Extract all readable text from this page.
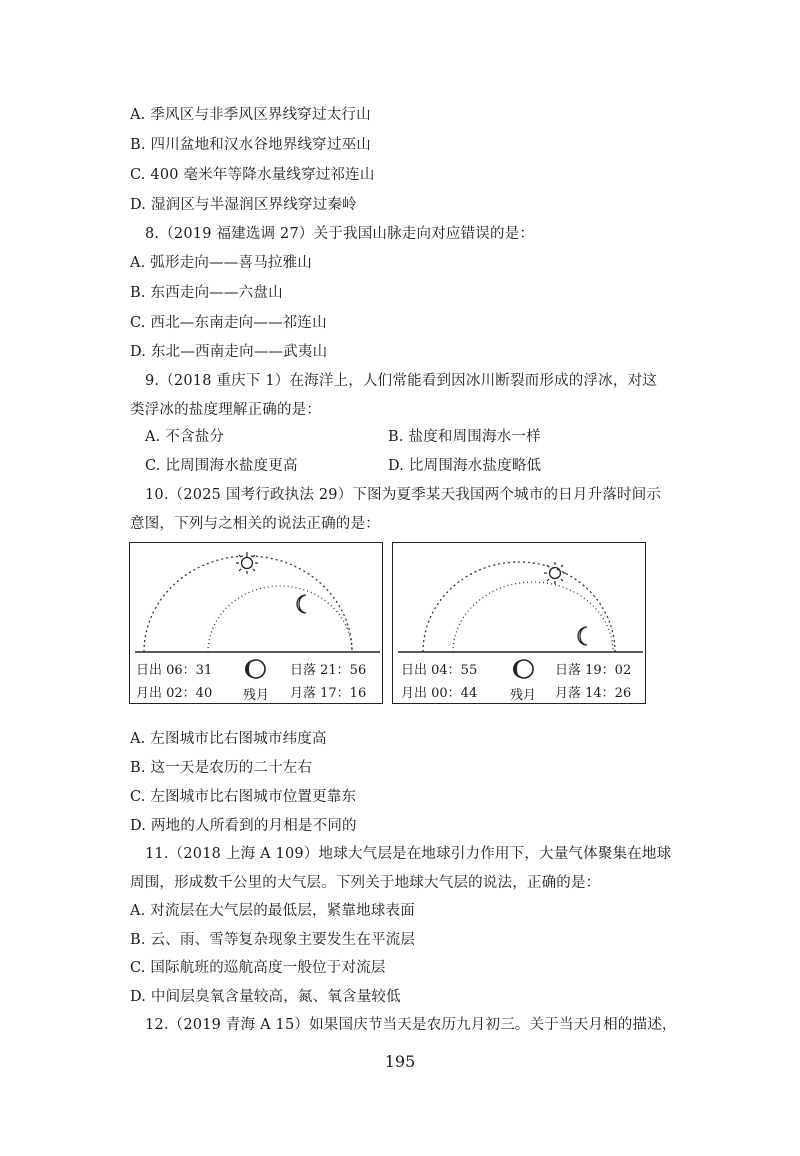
A. 季风区与非季风区界线穿过太行山
B. 四川盆地和汉水谷地界线穿过巫山
C. 400 毫米年等降水量线穿过祁连山
D. 湿润区与半湿润区界线穿过秦岭
8.（2019 福建选调 27）关于我国山脉走向对应错误的是：
A. 弧形走向——喜马拉雅山
B. 东西走向——六盘山
C. 西北—东南走向——祁连山
D. 东北—西南走向——武夷山
9.（2018 重庆下 1）在海洋上，人们常能看到因冰川断裂而形成的浮冰，对这
类浮冰的盐度理解正确的是：
A. 不含盐分	B. 盐度和周围海水一样
C. 比周围海水盐度更高	D. 比周围海水盐度略低
10.（2025 国考行政执法 29）下图为夏季某天我国两个城市的日月升落时间示
意图，下列与之相关的说法正确的是：
日出 06：31	日落 21：56
月出 02：40 残月 月落 17：16
日出 04：55	日落 19：02
月出 00：44	残月 月落 14：26
A. 左图城市比右图城市纬度高
B. 这一天是农历的二十左右
C. 左图城市比右图城市位置更靠东
D. 两地的人所看到的月相是不同的
11.（2018 上海 A 109）地球大气层是在地球引力作用下，大量气体聚集在地球
周围，形成数千公里的大气层。下列关于地球大气层的说法，正确的是：
A. 对流层在大气层的最低层，紧靠地球表面
B. 云、雨、雪等复杂现象主要发生在平流层
C. 国际航班的巡航高度一般位于对流层
D. 中间层臭氧含量较高，氮、氧含量较低
12.（2019 青海 A 15）如果国庆节当天是农历九月初三。关于当天月相的描述，
195
